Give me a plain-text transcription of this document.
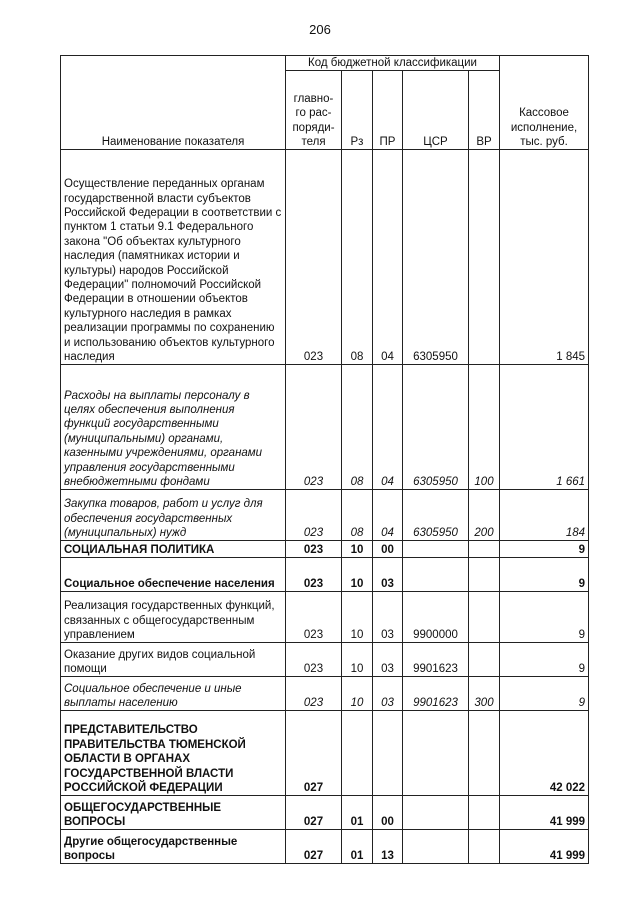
206
Наименование показателя	Код бюджетной классификации					Кассовое исполнение, тыс. руб.
	главно-го рас-поряди-теля	Рз	ПР	ЦСР	ВР	
Осуществление переданных органам государственной власти субъектов Российской Федерации в соответствии с пунктом 1 статьи 9.1 Федерального закона "Об объектах культурного наследия (памятниках истории и культуры) народов Российской Федерации" полномочий Российской Федерации в отношении объектов культурного наследия в рамках реализации программы по сохранению и использованию объектов культурного наследия	023	08	04	6305950		1 845
Расходы на выплаты персоналу в целях обеспечения выполнения функций государственными (муниципальными) органами, казенными учреждениями, органами управления государственными внебюджетными фондами	023	08	04	6305950	100	1 661
Закупка товаров, работ и услуг для обеспечения государственных (муниципальных) нужд	023	08	04	6305950	200	184
СОЦИАЛЬНАЯ ПОЛИТИКА	023	10	00			9
Социальное обеспечение населения	023	10	03			9
Реализация государственных функций, связанных с общегосударственным управлением	023	10	03	9900000		9
Оказание других видов социальной помощи	023	10	03	9901623		9
Социальное обеспечение и иные выплаты населению	023	10	03	9901623	300	9
ПРЕДСТАВИТЕЛЬСТВО ПРАВИТЕЛЬСТВА ТЮМЕНСКОЙ ОБЛАСТИ В ОРГАНАХ ГОСУДАРСТВЕННОЙ ВЛАСТИ РОССИЙСКОЙ ФЕДЕРАЦИИ	027					42 022
ОБЩЕГОСУДАРСТВЕННЫЕ ВОПРОСЫ	027	01	00			41 999
Другие общегосударственные вопросы	027	01	13			41 999
